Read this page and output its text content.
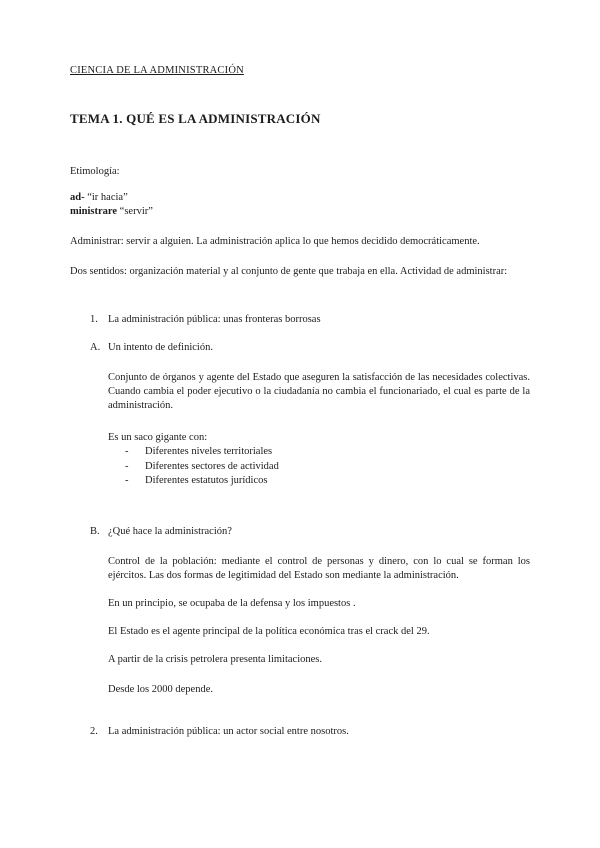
CIENCIA DE LA ADMINISTRACIÓN
TEMA 1. QUÉ ES LA ADMINISTRACIÓN
Etimología:
ad- “ir hacia”
ministrare “servir”
Administrar: servir a alguien. La administración aplica lo que hemos decidido democráticamente.
Dos sentidos: organización material y al conjunto de gente que trabaja en ella. Actividad de administrar:
1. La administración pública: unas fronteras borrosas
A. Un intento de definición.
Conjunto de órganos y agente del Estado que aseguren la satisfacción de las necesidades colectivas. Cuando cambia el poder ejecutivo o la ciudadanía no cambia el funcionariado, el cual es parte de la administración.
Es un saco gigante con:
- Diferentes niveles territoriales
- Diferentes sectores de actividad
- Diferentes estatutos jurídicos
B. ¿Qué hace la administración?
Control de la población: mediante el control de personas y dinero, con lo cual se forman los ejércitos. Las dos formas de legitimidad del Estado son mediante la administración.
En un principio, se ocupaba de la defensa y los impuestos .
El Estado es el agente principal de la política económica tras el crack del 29.
A partir de la crisis petrolera presenta limitaciones.
Desde los 2000 depende.
2. La administración pública: un actor social entre nosotros.
